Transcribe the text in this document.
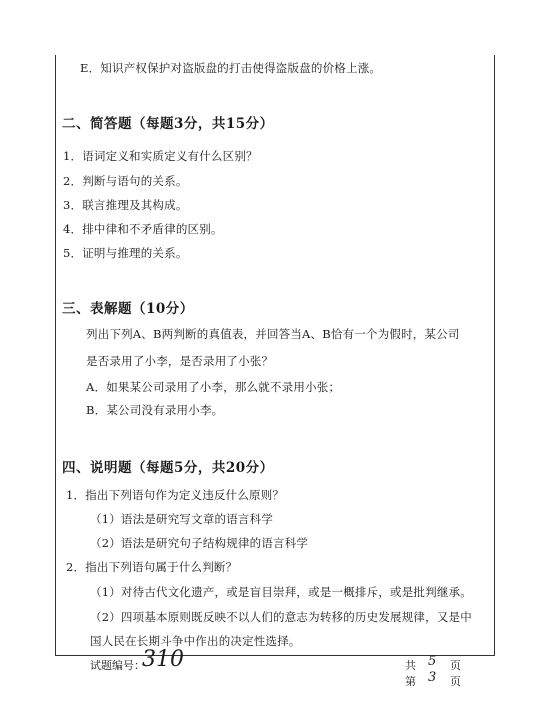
E．知识产权保护对盗版盘的打击使得盗版盘的价格上涨。
二、简答题（每题3分，共15分）
1．语词定义和实质定义有什么区别？
2．判断与语句的关系。
3．联言推理及其构成。
4．排中律和不矛盾律的区别。
5．证明与推理的关系。
三、表解题（10分）
列出下列A、B两判断的真值表，并回答当A、B恰有一个为假时，某公司
是否录用了小李，是否录用了小张？
A．如果某公司录用了小李，那么就不录用小张；
B．某公司没有录用小李。
四、说明题（每题5分，共20分）
1．指出下列语句作为定义违反什么原则？
（1）语法是研究写文章的语言科学
（2）语法是研究句子结构规律的语言科学
2．指出下列语句属于什么判断？
（1）对待古代文化遗产，或是盲目崇拜，或是一概排斥，或是批判继承。
（2）四项基本原则既反映不以人们的意志为转移的历史发展规律，又是中
国人民在长期斗争中作出的决定性选择。
试题编号：
310	共 5 页
第 3 页
